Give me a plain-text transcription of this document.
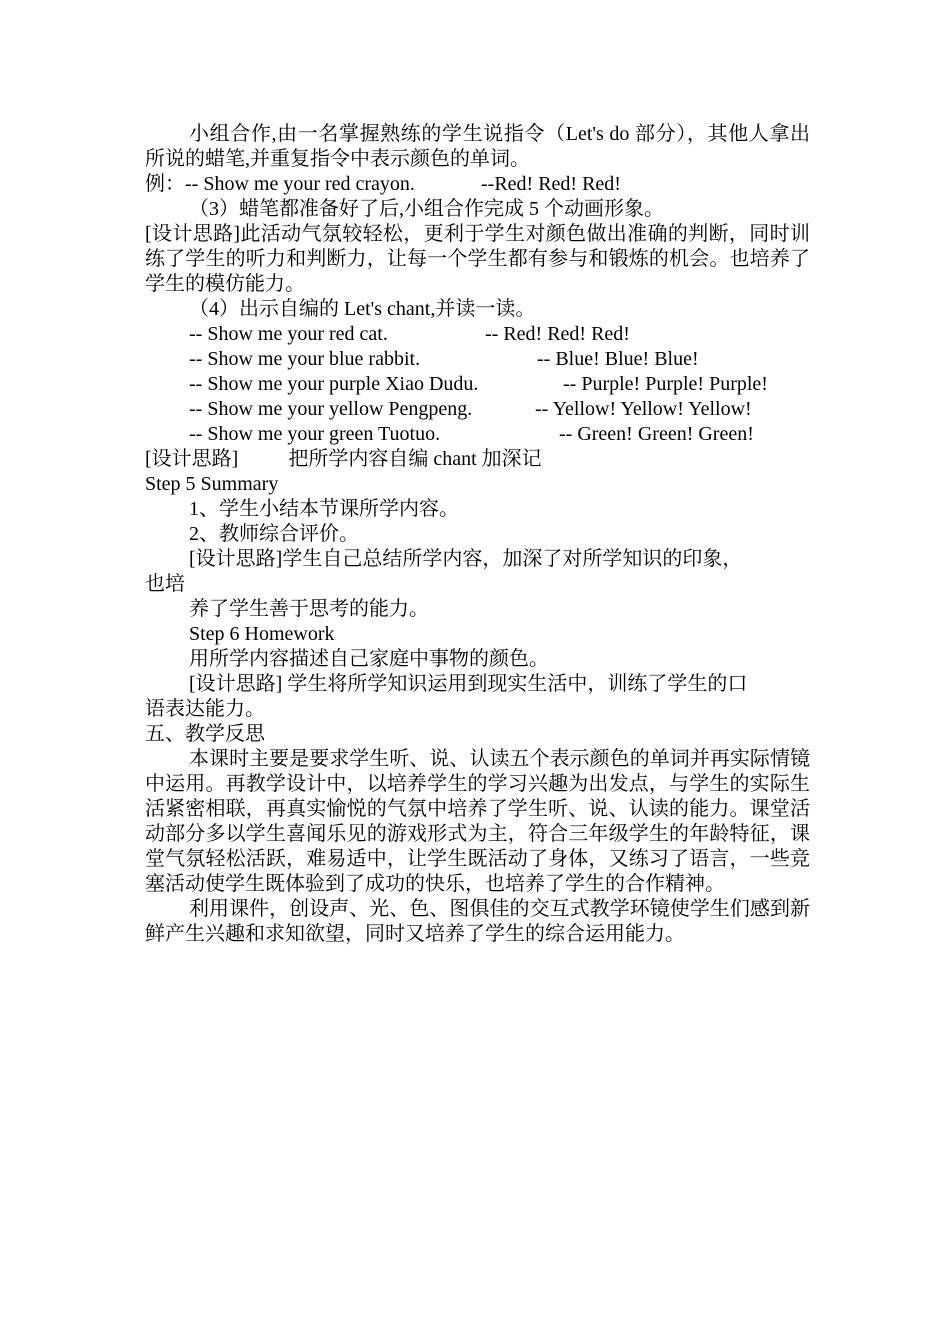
小组合作,由一名掌握熟练的学生说指令（Let's do 部分），其他人拿出所说的蜡笔,并重复指令中表示颜色的单词。
例：-- Show me your red crayon.	--Red! Red! Red!
（3）蜡笔都准备好了后,小组合作完成 5 个动画形象。
[设计思路]此活动气氛较轻松，更利于学生对颜色做出准确的判断，同时训练了学生的听力和判断力，让每一个学生都有参与和锻炼的机会。也培养了学生的模仿能力。
（4）出示自编的 Let's chant,并读一读。
-- Show me your red cat.	-- Red! Red! Red!
-- Show me your blue rabbit.	-- Blue! Blue! Blue!
-- Show me your purple Xiao Dudu.	-- Purple! Purple! Purple!
-- Show me your yellow Pengpeng.	-- Yellow! Yellow! Yellow!
-- Show me your green Tuotuo.	-- Green! Green! Green!
[设计思路]	把所学内容自编 chant 加深记
Step 5 Summary
1、学生小结本节课所学内容。
2、教师综合评价。
[设计思路]学生自己总结所学内容，加深了对所学知识的印象，
也培
养了学生善于思考的能力。
Step 6 Homework
用所学内容描述自己家庭中事物的颜色。
[设计思路] 学生将所学知识运用到现实生活中，训练了学生的口
语表达能力。
五、教学反思
本课时主要是要求学生听、说、认读五个表示颜色的单词并再实际情镜中运用。再教学设计中，以培养学生的学习兴趣为出发点，与学生的实际生活紧密相联，再真实愉悦的气氛中培养了学生听、说、认读的能力。课堂活动部分多以学生喜闻乐见的游戏形式为主，符合三年级学生的年龄特征，课堂气氛轻松活跃，难易适中，让学生既活动了身体，又练习了语言，一些竞塞活动使学生既体验到了成功的快乐，也培养了学生的合作精神。
利用课件，创设声、光、色、图俱佳的交互式教学环镜使学生们感到新鲜产生兴趣和求知欲望，同时又培养了学生的综合运用能力。
